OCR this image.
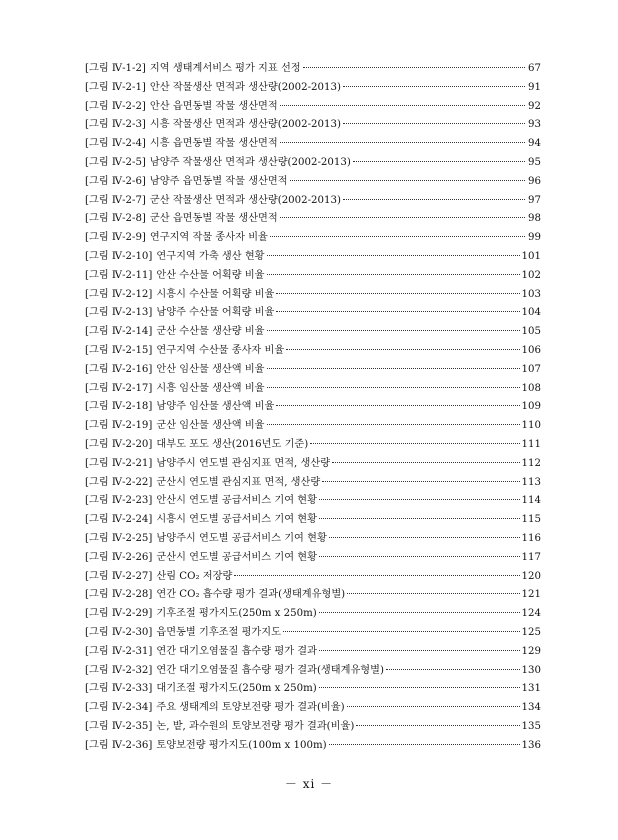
[그림 Ⅳ-1-2] 지역 생태계서비스 평가 지표 선정	67
[그림 Ⅳ-2-1] 안산 작물생산 면적과 생산량(2002-2013)	91
[그림 Ⅳ-2-2] 안산 읍면동별 작물 생산면적	92
[그림 Ⅳ-2-3] 시흥 작물생산 면적과 생산량(2002-2013)	93
[그림 Ⅳ-2-4] 시흥 읍면동별 작물 생산면적	94
[그림 Ⅳ-2-5] 남양주 작물생산 면적과 생산량(2002-2013)	95
[그림 Ⅳ-2-6] 남양주 읍면동별 작물 생산면적	96
[그림 Ⅳ-2-7] 군산 작물생산 면적과 생산량(2002-2013)	97
[그림 Ⅳ-2-8] 군산 읍면동별 작물 생산면적	98
[그림 Ⅳ-2-9] 연구지역 작물 종사자 비율	99
[그림 Ⅳ-2-10] 연구지역 가축 생산 현황	101
[그림 Ⅳ-2-11] 안산 수산물 어획량 비율	102
[그림 Ⅳ-2-12] 시흥시 수산물 어획량 비율	103
[그림 Ⅳ-2-13] 남양주 수산물 어획량 비율	104
[그림 Ⅳ-2-14] 군산 수산물 생산량 비율	105
[그림 Ⅳ-2-15] 연구지역 수산물 종사자 비율	106
[그림 Ⅳ-2-16] 안산 임산물 생산액 비율	107
[그림 Ⅳ-2-17] 시흥 임산물 생산액 비율	108
[그림 Ⅳ-2-18] 남양주 임산물 생산액 비율	109
[그림 Ⅳ-2-19] 군산 임산물 생산액 비율	110
[그림 Ⅳ-2-20] 대부도 포도 생산(2016년도 기준)	111
[그림 Ⅳ-2-21] 남양주시 연도별 관심지표 면적, 생산량	112
[그림 Ⅳ-2-22] 군산시 연도별 관심지표 면적, 생산량	113
[그림 Ⅳ-2-23] 안산시 연도별 공급서비스 기여 현황	114
[그림 Ⅳ-2-24] 시흥시 연도별 공급서비스 기여 현황	115
[그림 Ⅳ-2-25] 남양주시 연도별 공급서비스 기여 현황	116
[그림 Ⅳ-2-26] 군산시 연도별 공급서비스 기여 현황	117
[그림 Ⅳ-2-27] 산림 CO₂ 저장량	120
[그림 Ⅳ-2-28] 연간 CO₂ 흡수량 평가 결과(생태계유형별)	121
[그림 Ⅳ-2-29] 기후조절 평가지도(250m x 250m)	124
[그림 Ⅳ-2-30] 읍면동별 기후조절 평가지도	125
[그림 Ⅳ-2-31] 연간 대기오염물질 흡수량 평가 결과	129
[그림 Ⅳ-2-32] 연간 대기오염물질 흡수량 평가 결과(생태계유형별)	130
[그림 Ⅳ-2-33] 대기조절 평가지도(250m x 250m)	131
[그림 Ⅳ-2-34] 주요 생태계의 토양보전량 평가 결과(비율)	134
[그림 Ⅳ-2-35] 논, 밭, 과수원의 토양보전량 평가 결과(비율)	135
[그림 Ⅳ-2-36] 토양보전량 평가지도(100m x 100m)	136
－ xi －
